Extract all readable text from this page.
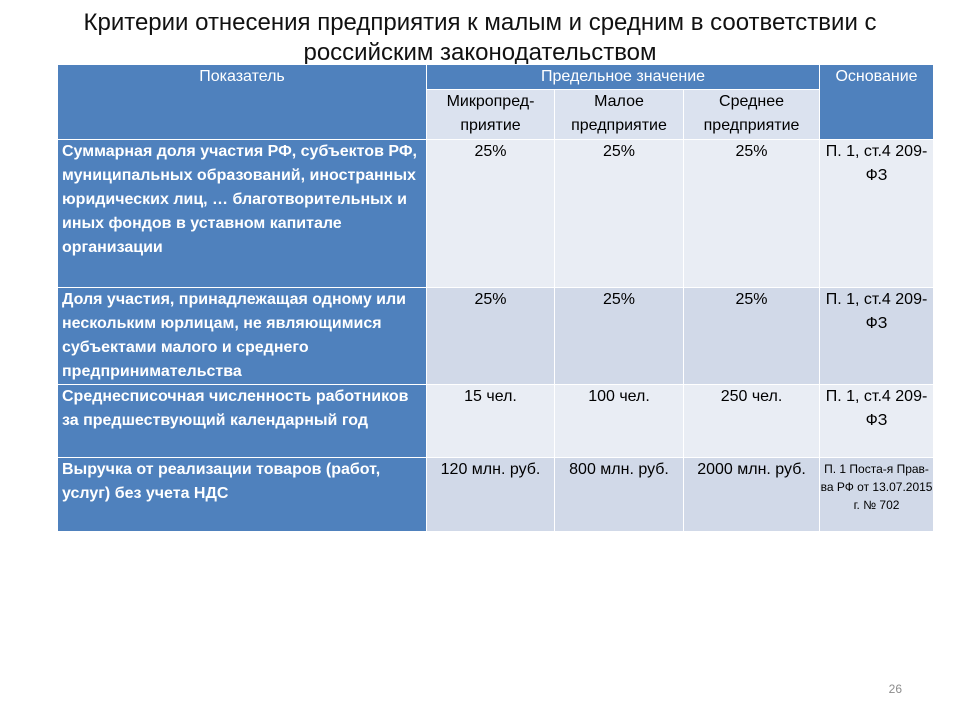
Критерии отнесения предприятия к малым и средним в соответствии с российским законодательством
Показатель	Предельное значение			Основание
	Микропред-приятие	Малое предприятие	Среднее предприятие	
Суммарная доля участия РФ, субъектов РФ, муниципальных образований, иностранных юридических лиц, … благотворительных и иных фондов в уставном капитале организации	25%	25%	25%	П. 1, ст.4 209-ФЗ
Доля участия, принадлежащая одному или нескольким юрлицам, не являющимися субъектами малого и среднего предпринимательства	25%	25%	25%	П. 1, ст.4 209-ФЗ
Среднесписочная численность работников за предшествующий календарный год	15 чел.	100 чел.	250 чел.	П. 1, ст.4 209-ФЗ
Выручка от реализации товаров (работ, услуг) без учета НДС	120 млн. руб.	800 млн. руб.	2000 млн. руб.	П. 1 Поста-я Прав-ва РФ от 13.07.2015 г. № 702
26
